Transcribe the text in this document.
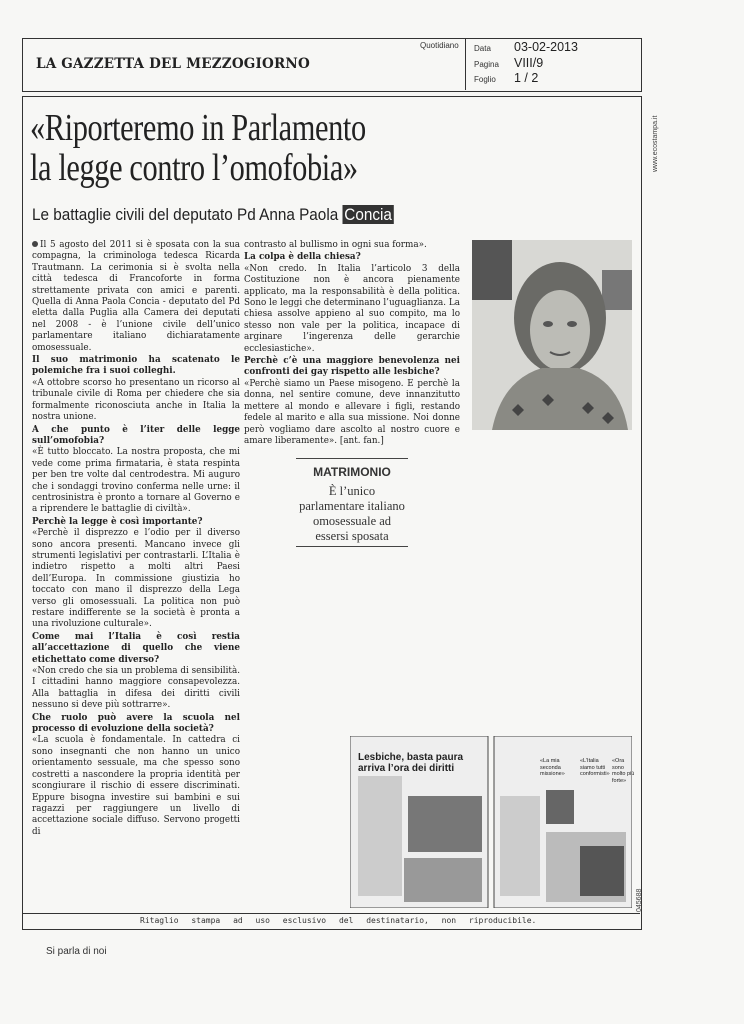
LA GAZZETTA DEL MEZZOGIORNO
Quotidiano Data 03-02-2013
Pagina VIII/9
Foglio 1 / 2
www.ecostampa.it
045688
«Riporteremo in Parlamento
la legge contro l’omofobia»
Le battaglie civili del deputato Pd Anna Paola Concia

Il 5 agosto del 2011 si è sposata con la sua compagna, la criminologa tedesca Ricarda Trautmann. La cerimonia si è svolta nella città tedesca di Francoforte in forma strettamente privata con amici e parenti. Quella di Anna Paola Concia - deputato del Pd eletta dalla Puglia alla Camera dei deputati nel 2008 - è l’unione civile dell’unico parlamentare italiano dichiaratamente omosessuale.

Il suo matrimonio ha scatenato le polemiche fra i suoi colleghi.

«A ottobre scorso ho presentano un ricorso al tribunale civile di Roma per chiedere che sia formalmente riconosciuta anche in Italia la nostra unione.

A che punto è l’iter delle legge sull’omofobia?

«È tutto bloccato. La nostra proposta, che mi vede come prima firmataria, è stata respinta per ben tre volte dal centrodestra. Mi auguro che i sondaggi trovino conferma nelle urne: il centrosinistra è pronto a tornare al Governo e a riprendere le battaglie di civiltà».

Perchè la legge è così importante?

«Perchè il disprezzo e l’odio per il diverso sono ancora presenti. Mancano invece gli strumenti legislativi per contrastarli. L’Italia è indietro rispetto a molti altri Paesi dell’Europa. In commissione giustizia ho toccato con mano il disprezzo della Lega verso gli omosessuali. La politica non può restare indifferente se la società è pronta a una rivoluzione culturale».

Come mai l’Italia è così restia all’accettazione di quello che viene etichettato come diverso?

«Non credo che sia un problema di sensibilità. I cittadini hanno maggiore consapevolezza. Alla battaglia in difesa dei diritti civili nessuno si deve più sottrarre».

Che ruolo può avere la scuola nel processo di evoluzione della società?

«La scuola è fondamentale. In cattedra ci sono insegnanti che non hanno un unico orientamento sessuale, ma che spesso sono costretti a nascondere la propria identità per scongiurare il rischio di essere discriminati. Eppure bisogna investire sui bambini e sui ragazzi per raggiungere un livello di accettazione sociale diffuso. Servono progetti di

contrasto al bullismo in ogni sua forma».

La colpa è della chiesa?

«Non credo. In Italia l’articolo 3 della Costituzione non è ancora pienamente applicato, ma la responsabilità è della politica. Sono le leggi che determinano l’uguaglianza. La chiesa assolve appieno al suo compito, ma lo stesso non vale per la politica, incapace di arginare l’ingerenza delle gerarchie ecclesiastiche».

Perchè c’è una maggiore benevolenza nei confronti dei gay rispetto alle lesbiche?

«Perchè siamo un Paese misogeno. E perchè la donna, nel sentire comune, deve innanzitutto mettere al mondo e allevare i figli, restando fedele al marito e alla sua missione. Noi donne però vogliamo dare ascolto al nostro cuore e amare liberamente». [ant. fan.]

MATRIMONIO
È l’unico parlamentare italiano omosessuale ad essersi sposata
Lesbiche, basta paura arriva l’ora dei diritti
«La mia seconda missione»
«L’Italia siamo tutti conformisti»
«Ora sono molto più forte»
Ritaglio stampa ad uso esclusivo del destinatario, non riproducibile.
Si parla di noi
